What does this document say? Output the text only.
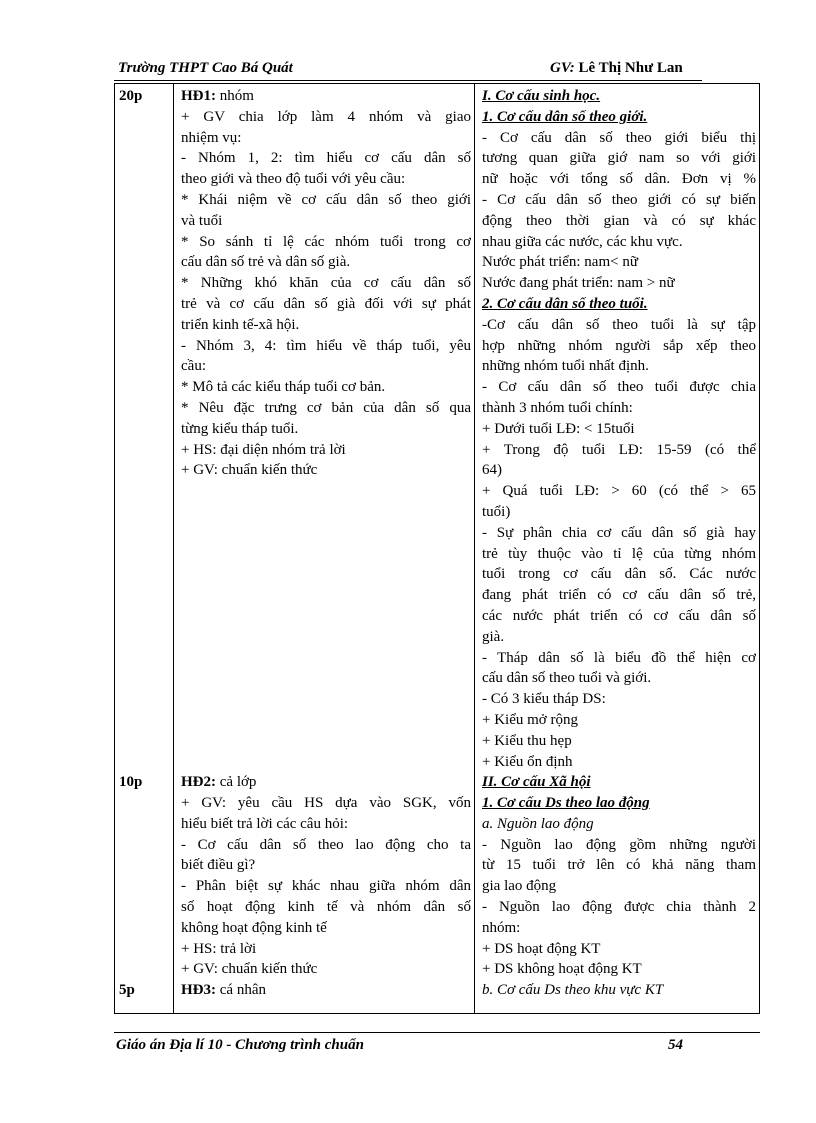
Trường THPT Cao Bá Quát	GV: Lê Thị Như Lan
20p
10p
5p
HĐ1: nhóm
+ GV chia lớp làm 4 nhóm và giao
nhiệm vụ:
- Nhóm 1, 2: tìm hiểu cơ cấu dân số
theo giới và theo độ tuổi với yêu cầu:
* Khái niệm về cơ cấu dân số theo giới
và tuổi
* So sánh tỉ lệ các nhóm tuổi trong cơ
cấu dân số trẻ và dân số già.
* Những khó khăn của cơ cấu dân số
trẻ và cơ cấu dân số già đối với sự phát
triển kinh tế-xã hội.
- Nhóm 3, 4: tìm hiểu về tháp tuổi, yêu
cầu:
* Mô tả các kiểu tháp tuổi cơ bản.
* Nêu đặc trưng cơ bản của dân số qua
từng kiểu tháp tuổi.
+ HS: đại diện nhóm trả lời
+ GV: chuẩn kiến thức
HĐ2: cả lớp
+ GV: yêu cầu HS dựa vào SGK, vốn
hiểu biết trả lời các câu hỏi:
- Cơ cấu dân số theo lao động cho ta
biết điều gì?
- Phân biệt sự khác nhau giữa nhóm dân
số hoạt động kinh tế và nhóm dân số
không hoạt động kinh tế
+ HS: trả lời
+ GV: chuẩn kiến thức
HĐ3: cá nhân
I. Cơ cấu sinh học.
1. Cơ cấu dân số theo giới.
- Cơ cấu dân số theo giới biểu thị
tương quan giữa giớ nam so với giới
nữ hoặc với tổng số dân. Đơn vị %
- Cơ cấu dân số theo giới có sự biến
động theo thời gian và có sự khác
nhau giữa các nước, các khu vực.
Nước phát triển: nam< nữ
Nước đang phát triển: nam > nữ
2. Cơ cấu dân số theo tuổi.
-Cơ cấu dân số theo tuổi là sự tập
hợp những nhóm người sắp xếp theo
những nhóm tuổi nhất định.
- Cơ cấu dân số theo tuổi được chia
thành 3 nhóm tuổi chính:
+ Dưới tuổi LĐ: < 15tuổi
+ Trong độ tuổi LĐ: 15-59 (có thể
64)
+ Quá tuổi LĐ: > 60 (có thể > 65
tuổi)
- Sự phân chia cơ cấu dân số già hay
trẻ tùy thuộc vào tỉ lệ của từng nhóm
tuổi trong cơ cấu dân số. Các nước
đang phát triển có cơ cấu dân số trẻ,
các nước phát triển có cơ cấu dân số
già.
- Tháp dân số là biểu đồ thể hiện cơ
cấu dân số theo tuổi và giới.
- Có 3 kiểu tháp DS:
+ Kiểu mở rộng
+ Kiểu thu hẹp
+ Kiểu ổn định
II. Cơ cấu Xã hội
1. Cơ cấu Ds theo lao động
a. Nguồn lao động
- Nguồn lao động gồm những người
từ 15 tuổi trở lên có khả năng tham
gia lao động
- Nguồn lao động được chia thành 2
nhóm:
+ DS hoạt động KT
+ DS không hoạt động KT
b. Cơ cấu Ds theo khu vực KT
Giáo án Địa lí 10 - Chương trình chuẩn	54
